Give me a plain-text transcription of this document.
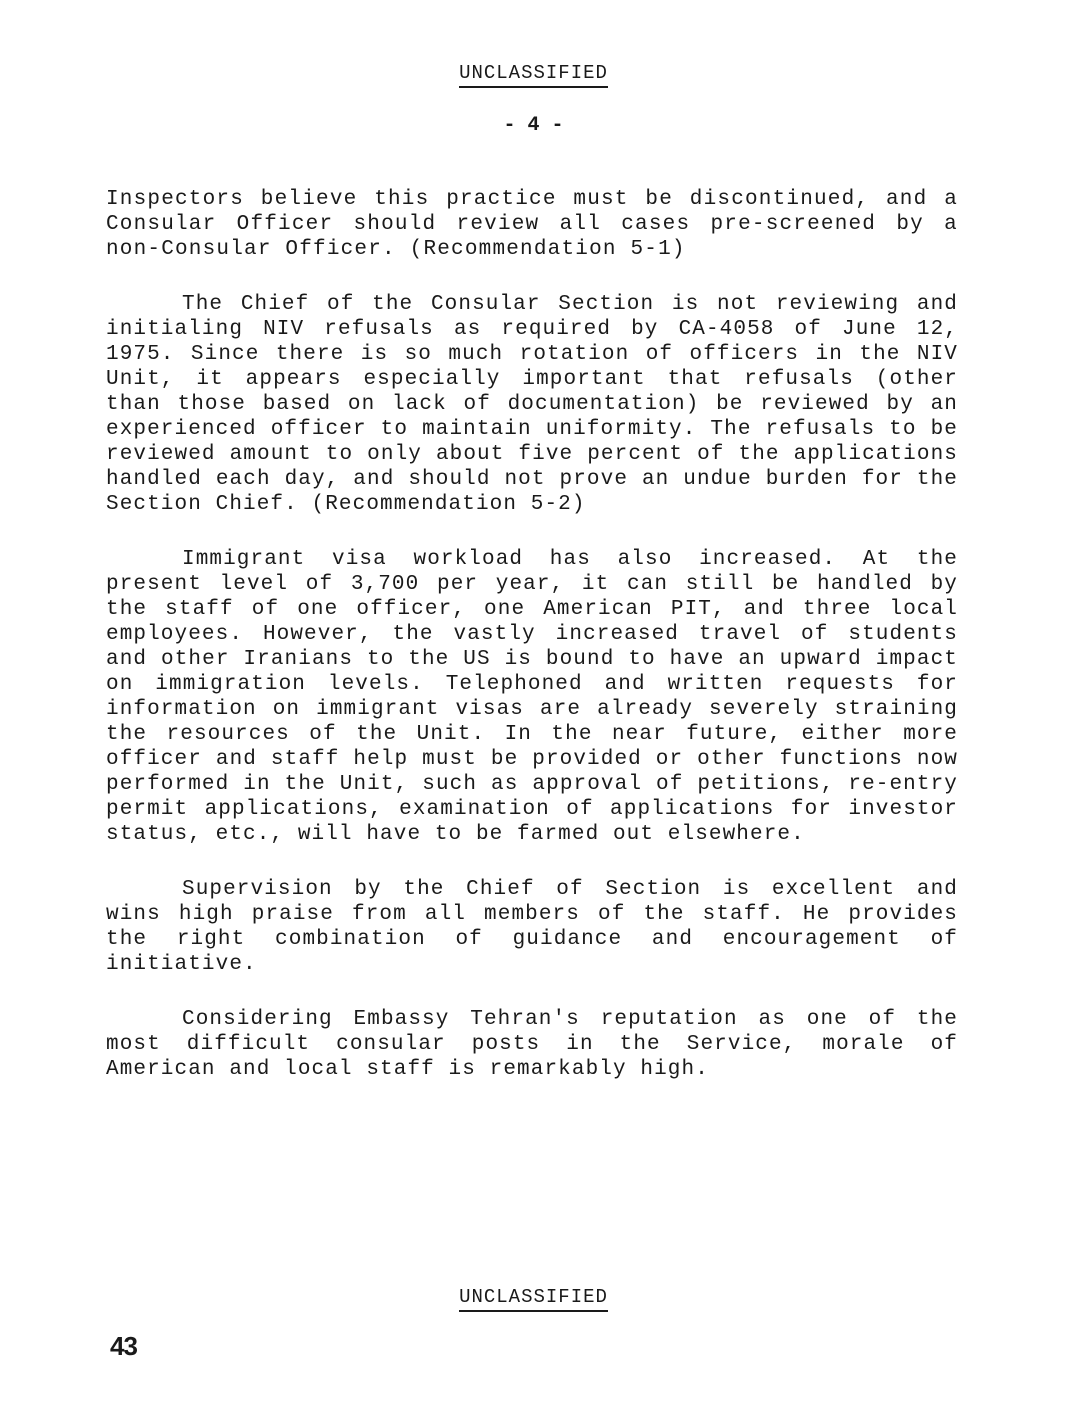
UNCLASSIFIED
- 4 -

Inspectors believe this practice must be discontinued, and a Consular Officer should review all cases pre-screened by a non-Consular Officer. (Recommendation 5-1)

The Chief of the Consular Section is not reviewing and initialing NIV refusals as required by CA-4058 of June 12, 1975. Since there is so much rotation of officers in the NIV Unit, it appears especially important that refusals (other than those based on lack of documentation) be reviewed by an experienced officer to maintain uniformity. The refusals to be reviewed amount to only about five percent of the applications handled each day, and should not prove an undue burden for the Section Chief. (Recommendation 5-2)

Immigrant visa workload has also increased. At the present level of 3,700 per year, it can still be handled by the staff of one officer, one American PIT, and three local employees. However, the vastly increased travel of students and other Iranians to the US is bound to have an upward impact on immigration levels. Telephoned and written requests for information on immigrant visas are already severely straining the resources of the Unit. In the near future, either more officer and staff help must be provided or other functions now performed in the Unit, such as approval of petitions, re-entry permit applications, examination of applications for investor status, etc., will have to be farmed out elsewhere.

Supervision by the Chief of Section is excellent and wins high praise from all members of the staff. He provides the right combination of guidance and encouragement of initiative.

Considering Embassy Tehran's reputation as one of the most difficult consular posts in the Service, morale of American and local staff is remarkably high.

UNCLASSIFIED
43
